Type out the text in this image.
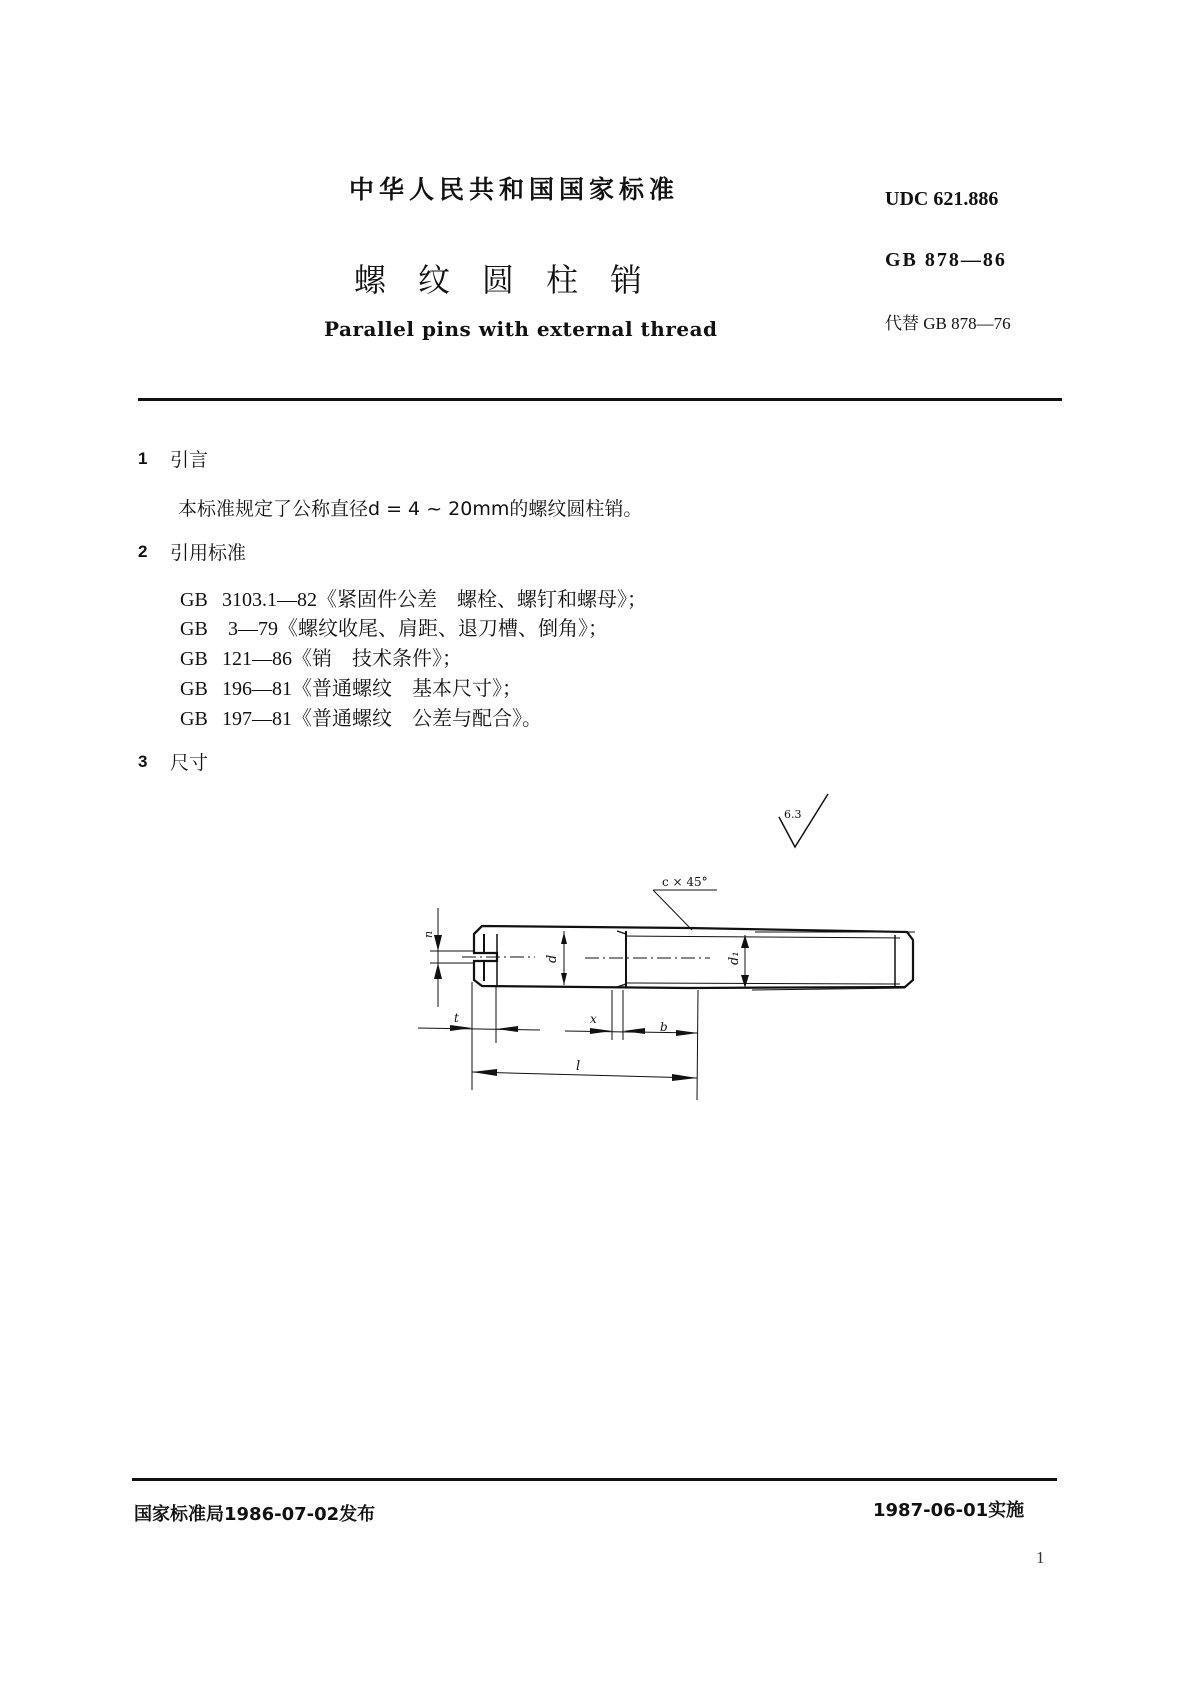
中华人民共和国国家标准
螺纹圆柱销
Parallel pins with external thread
UDC 621.886
GB 878—86
代替 GB 878—76
1 引言
本标准规定了公称直径d = 4 ~ 20mm的螺纹圆柱销。
2 引用标准
GB 3103.1—82《紧固件公差　螺栓、螺钉和螺母》；
GB 3—79《螺纹收尾、肩距、退刀槽、倒角》；
GB 121—86《销　技术条件》；
GB 196—81《普通螺纹　基本尺寸》；
GB 197—81《普通螺纹　公差与配合》。
3 尺寸
6.3
c × 45°
n
d	d₁
t	x
b
l
国家标准局1986-07-02发布	1987-06-01实施
1
